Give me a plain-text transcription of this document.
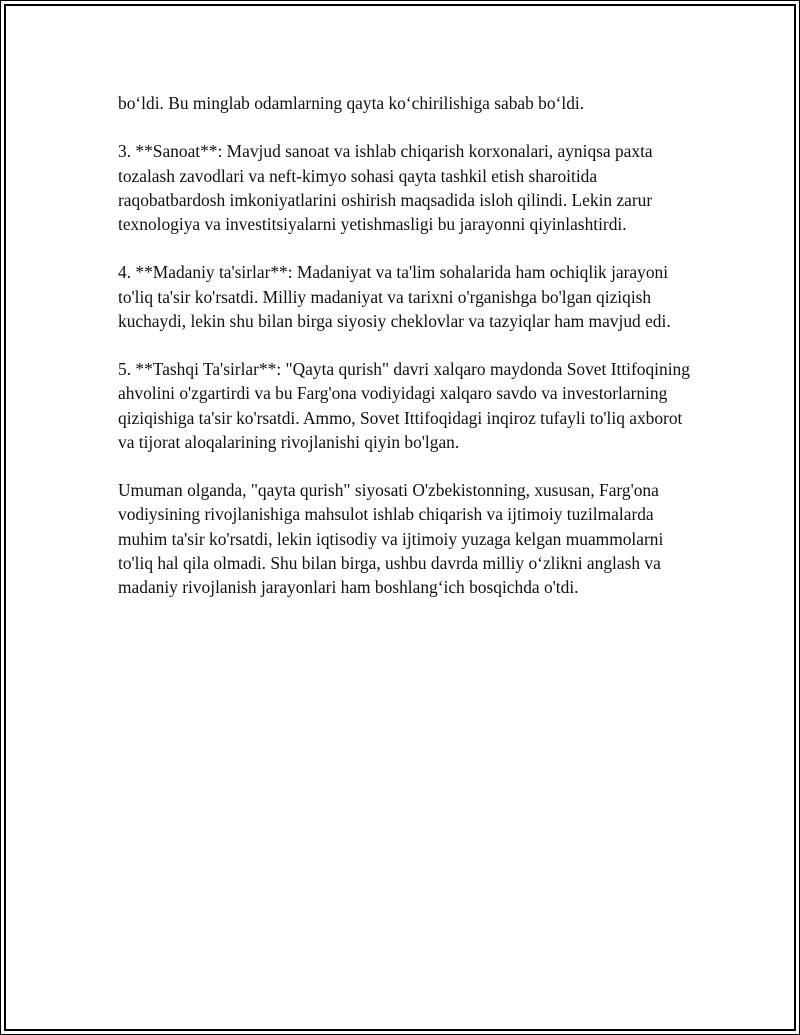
bo‘ldi. Bu minglab odamlarning qayta ko‘chirilishiga sabab bo‘ldi.

3. **Sanoat**: Mavjud sanoat va ishlab chiqarish korxonalari, ayniqsa paxta tozalash zavodlari va neft-kimyo sohasi qayta tashkil etish sharoitida raqobatbardosh imkoniyatlarini oshirish maqsadida isloh qilindi. Lekin zarur texnologiya va investitsiyalarni yetishmasligi bu jarayonni qiyinlashtirdi.

4. **Madaniy ta'sirlar**: Madaniyat va ta'lim sohalarida ham ochiqlik jarayoni to'liq ta'sir ko'rsatdi. Milliy madaniyat va tarixni o'rganishga bo'lgan qiziqish kuchaydi, lekin shu bilan birga siyosiy cheklovlar va tazyiqlar ham mavjud edi.

5. **Tashqi Ta'sirlar**: "Qayta qurish" davri xalqaro maydonda Sovet Ittifoqining ahvolini o'zgartirdi va bu Farg'ona vodiyidagi xalqaro savdo va investorlarning qiziqishiga ta'sir ko'rsatdi. Ammo, Sovet Ittifoqidagi inqiroz tufayli to'liq axborot va tijorat aloqalarining rivojlanishi qiyin bo'lgan.

Umuman olganda, "qayta qurish" siyosati O'zbekistonning, xususan, Farg'ona vodiysining rivojlanishiga mahsulot ishlab chiqarish va ijtimoiy tuzilmalarda muhim ta'sir ko'rsatdi, lekin iqtisodiy va ijtimoiy yuzaga kelgan muammolarni to'liq hal qila olmadi. Shu bilan birga, ushbu davrda milliy o‘zlikni anglash va madaniy rivojlanish jarayonlari ham boshlang‘ich bosqichda o'tdi.
